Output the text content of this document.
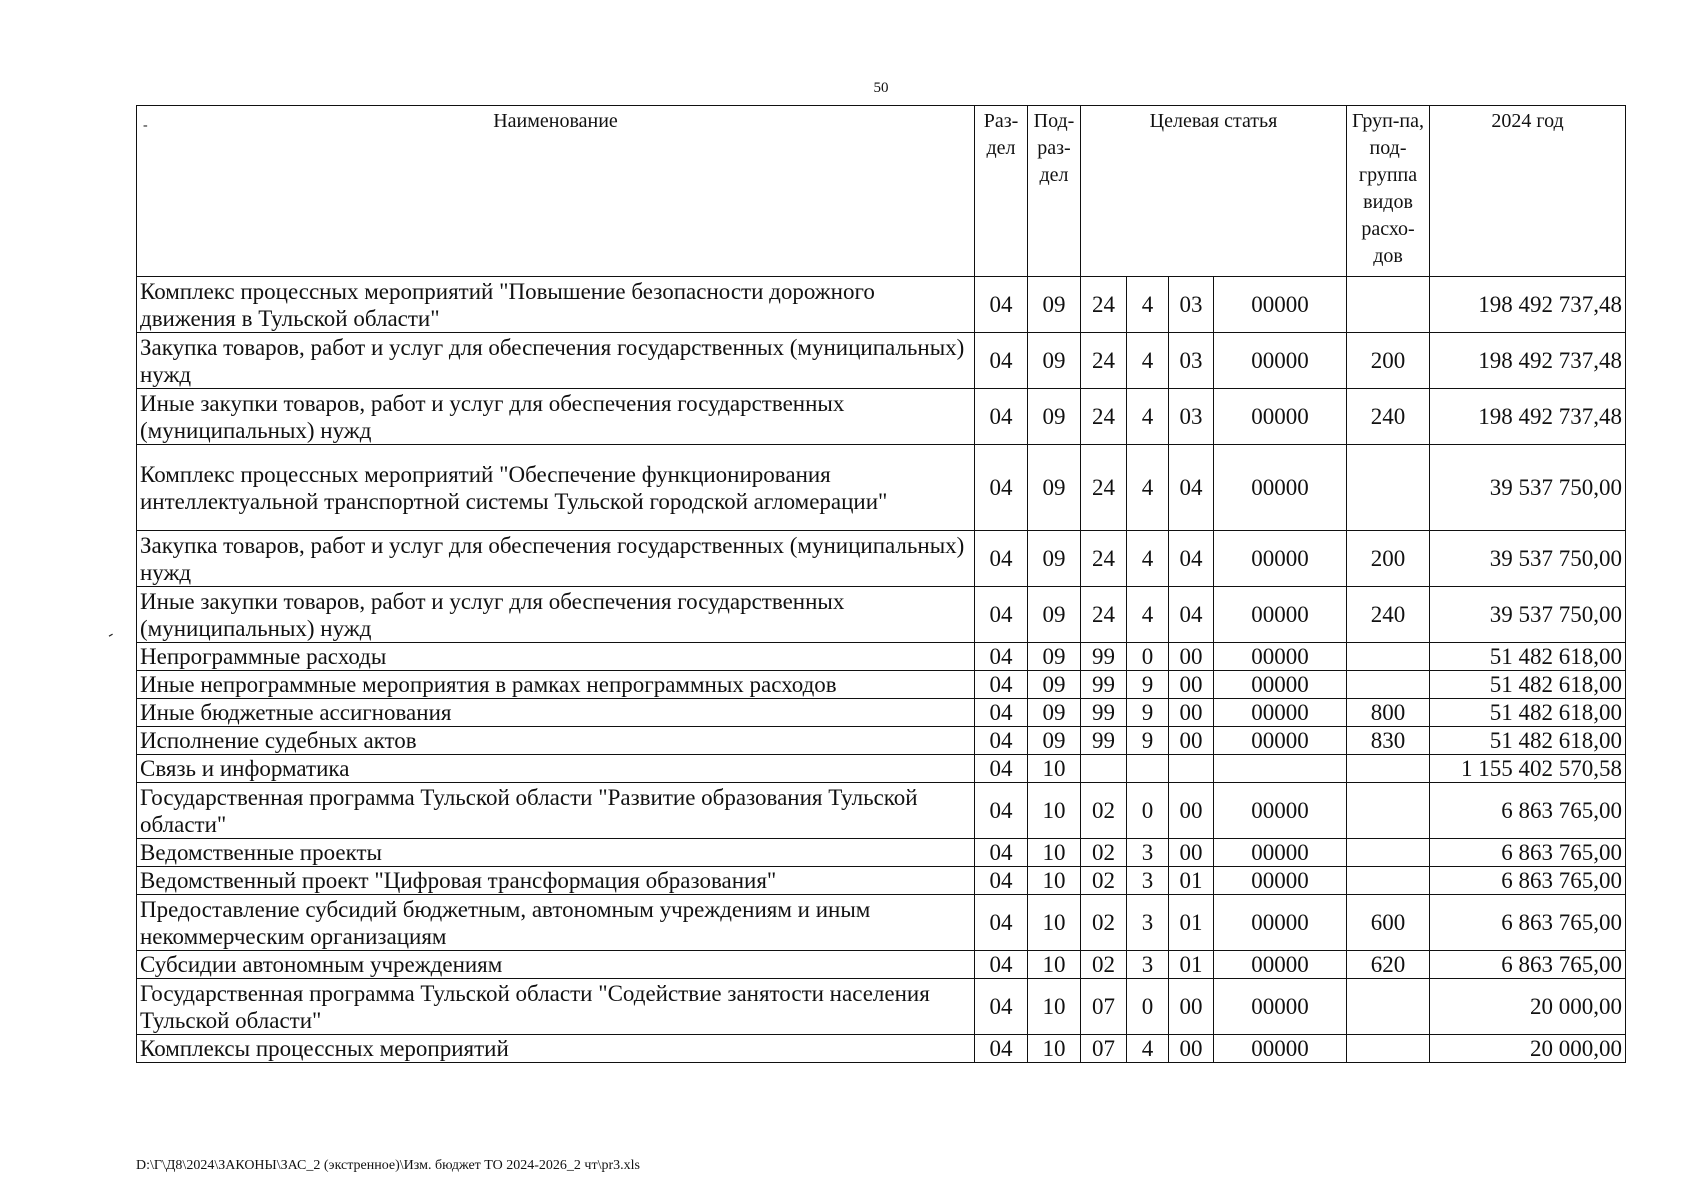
50
-
- Наименование	Раз-дел	Под-раз-дел	Целевая статья				Груп-па, под-группа видов расхо-дов	2024 год
Комплекс процессных мероприятий "Повышение безопасности дорожного движения в Тульской области"	04	09	24	4	03	00000		198 492 737,48
Закупка товаров, работ и услуг для обеспечения государственных (муниципальных) нужд	04	09	24	4	03	00000	200	198 492 737,48
Иные закупки товаров, работ и услуг для обеспечения государственных (муниципальных) нужд	04	09	24	4	03	00000	240	198 492 737,48
Комплекс процессных мероприятий "Обеспечение функционирования интеллектуальной транспортной системы Тульской городской агломерации"	04	09	24	4	04	00000		39 537 750,00
Закупка товаров, работ и услуг для обеспечения государственных (муниципальных) нужд	04	09	24	4	04	00000	200	39 537 750,00
Иные закупки товаров, работ и услуг для обеспечения государственных (муниципальных) нужд	04	09	24	4	04	00000	240	39 537 750,00
Непрограммные расходы	04	09	99	0	00	00000		51 482 618,00
Иные непрограммные мероприятия в рамках непрограммных расходов	04	09	99	9	00	00000		51 482 618,00
Иные бюджетные ассигнования	04	09	99	9	00	00000	800	51 482 618,00
Исполнение судебных актов	04	09	99	9	00	00000	830	51 482 618,00
Связь и информатика	04	10						1 155 402 570,58
Государственная программа Тульской области "Развитие образования Тульской области"	04	10	02	0	00	00000		6 863 765,00
Ведомственные проекты	04	10	02	3	00	00000		6 863 765,00
Ведомственный проект "Цифровая трансформация образования"	04	10	02	3	01	00000		6 863 765,00
Предоставление субсидий бюджетным, автономным учреждениям и иным некоммерческим организациям	04	10	02	3	01	00000	600	6 863 765,00
Субсидии автономным учреждениям	04	10	02	3	01	00000	620	6 863 765,00
Государственная программа Тульской области "Содействие занятости населения Тульской области"	04	10	07	0	00	00000		20 000,00
Комплексы процессных мероприятий	04	10	07	4	00	00000		20 000,00
D:\Г\Д8\2024\ЗАКОНЫ\ЗАС_2 (экстренное)\Изм. бюджет ТО 2024-2026_2 чт\pr3.xls
